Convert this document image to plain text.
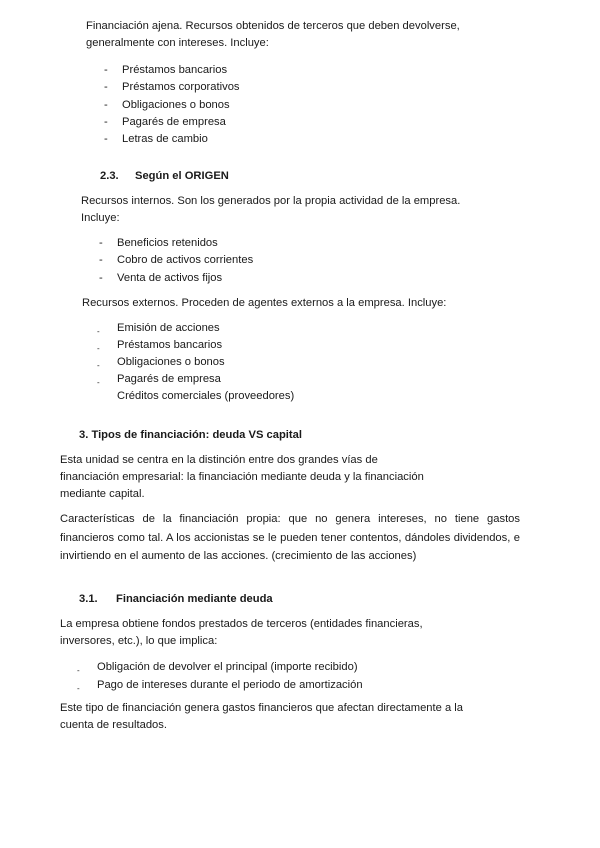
Financiación ajena. Recursos obtenidos de terceros que deben devolverse,
generalmente con intereses. Incluye:
- Préstamos bancarios
- Préstamos corporativos
- Obligaciones o bonos
- Pagarés de empresa
- Letras de cambio
2.3. Según el ORIGEN
Recursos internos. Son los generados por la propia actividad de la empresa.
Incluye:
- Beneficios retenidos
- Cobro de activos corrientes
- Venta de activos fijos
Recursos externos. Proceden de agentes externos a la empresa. Incluye:
- Emisión de acciones
- Préstamos bancarios
- Obligaciones o bonos
- Pagarés de empresa
Créditos comerciales (proveedores)
3. Tipos de financiación: deuda VS capital
Esta unidad se centra en la distinción entre dos grandes vías de
financiación empresarial: la financiación mediante deuda y la financiación
mediante capital.
Características de la financiación propia: que no genera intereses, no tiene gastos financieros como tal. A los accionistas se le pueden tener contentos, dándoles dividendos, e invirtiendo en el aumento de las acciones. (crecimiento de las acciones)
3.1. Financiación mediante deuda
La empresa obtiene fondos prestados de terceros (entidades financieras,
inversores, etc.), lo que implica:
- Obligación de devolver el principal (importe recibido)
- Pago de intereses durante el periodo de amortización
Este tipo de financiación genera gastos financieros que afectan directamente a la
cuenta de resultados.
